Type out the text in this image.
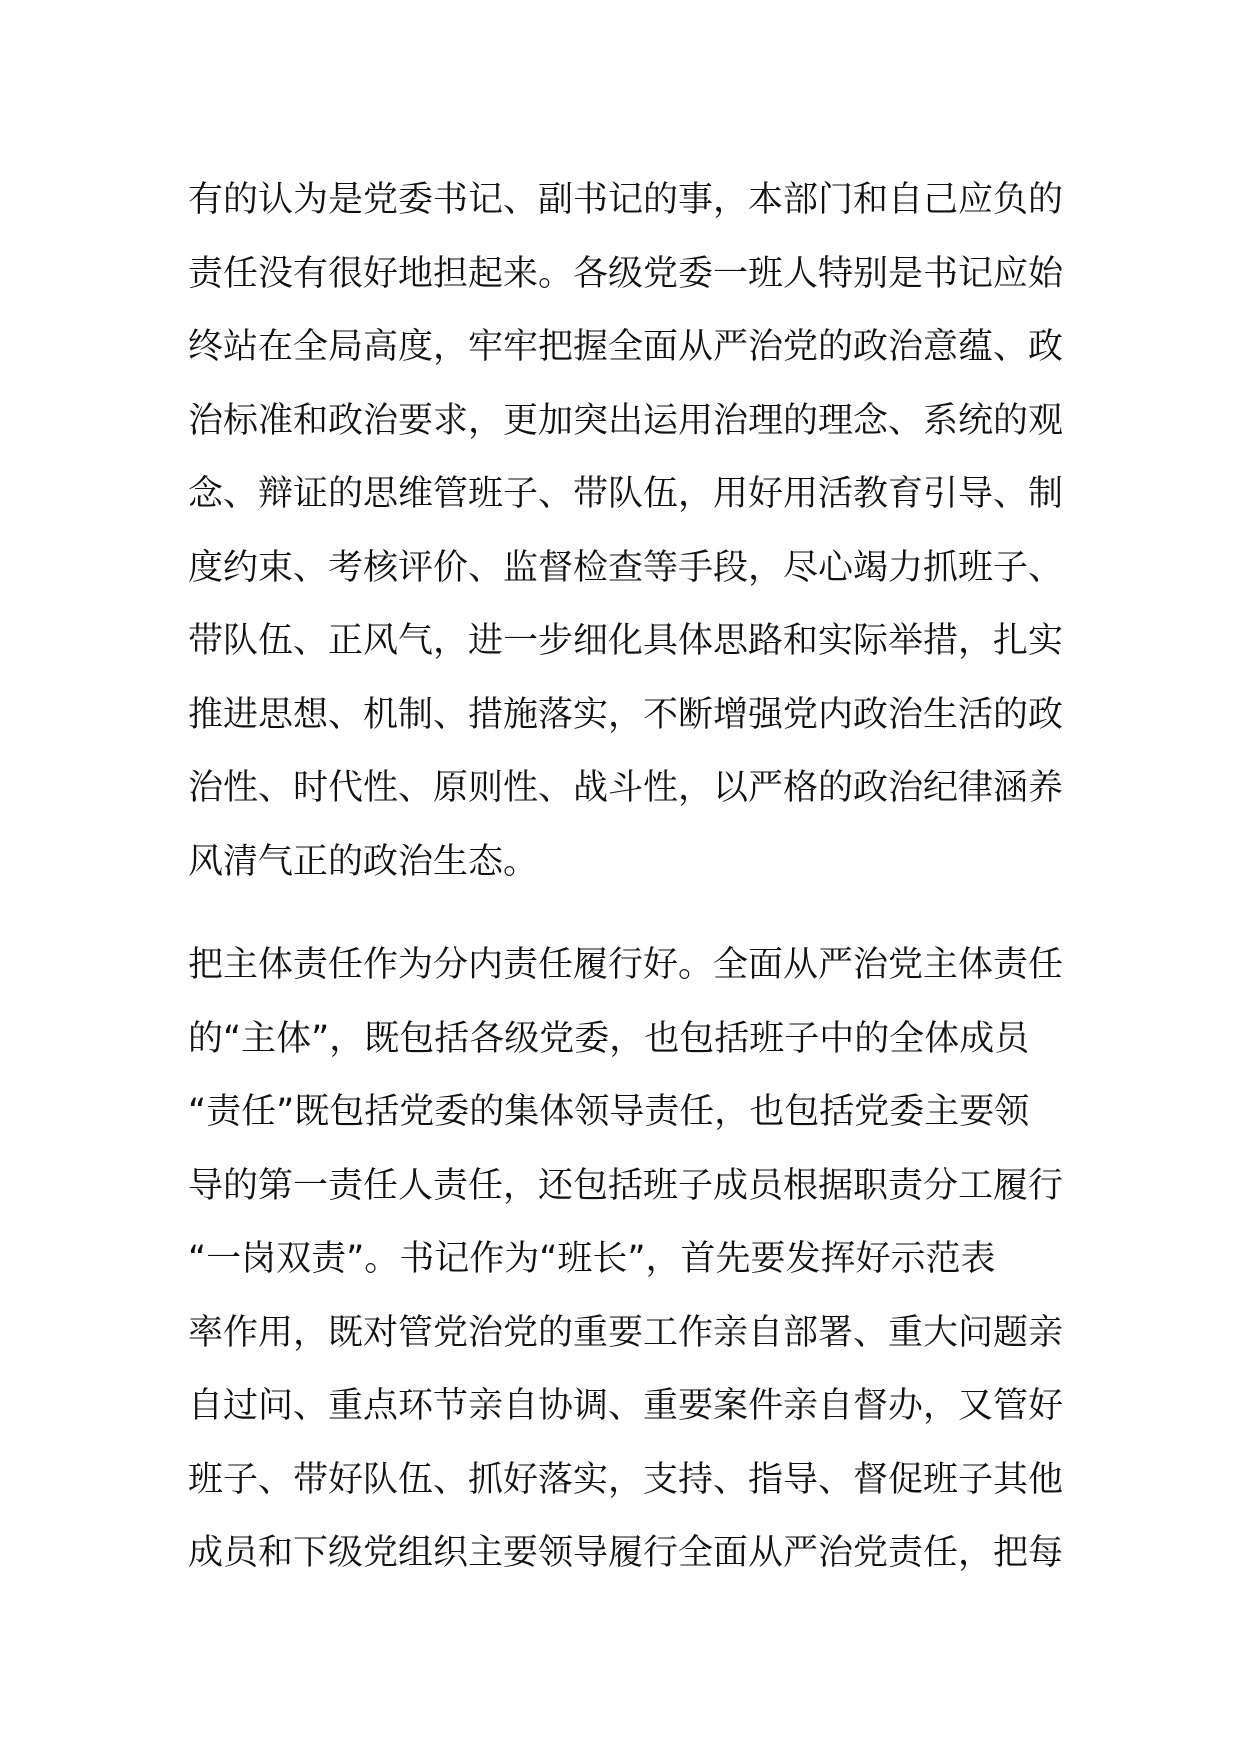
有的认为是党委书记、副书记的事，本部门和自己应负的
责任没有很好地担起来。各级党委一班人特别是书记应始
终站在全局高度，牢牢把握全面从严治党的政治意蕴、政
治标准和政治要求，更加突出运用治理的理念、系统的观
念、辩证的思维管班子、带队伍，用好用活教育引导、制
度约束、考核评价、监督检查等手段，尽心竭力抓班子、
带队伍、正风气，进一步细化具体思路和实际举措，扎实
推进思想、机制、措施落实，不断增强党内政治生活的政
治性、时代性、原则性、战斗性，以严格的政治纪律涵养
风清气正的政治生态。
把主体责任作为分内责任履行好。全面从严治党主体责任
的“主体”，既包括各级党委，也包括班子中的全体成员
“责任”既包括党委的集体领导责任，也包括党委主要领
导的第一责任人责任，还包括班子成员根据职责分工履行
“一岗双责”。书记作为“班长”，首先要发挥好示范表
率作用，既对管党治党的重要工作亲自部署、重大问题亲
自过问、重点环节亲自协调、重要案件亲自督办，又管好
班子、带好队伍、抓好落实，支持、指导、督促班子其他
成员和下级党组织主要领导履行全面从严治党责任，把每
